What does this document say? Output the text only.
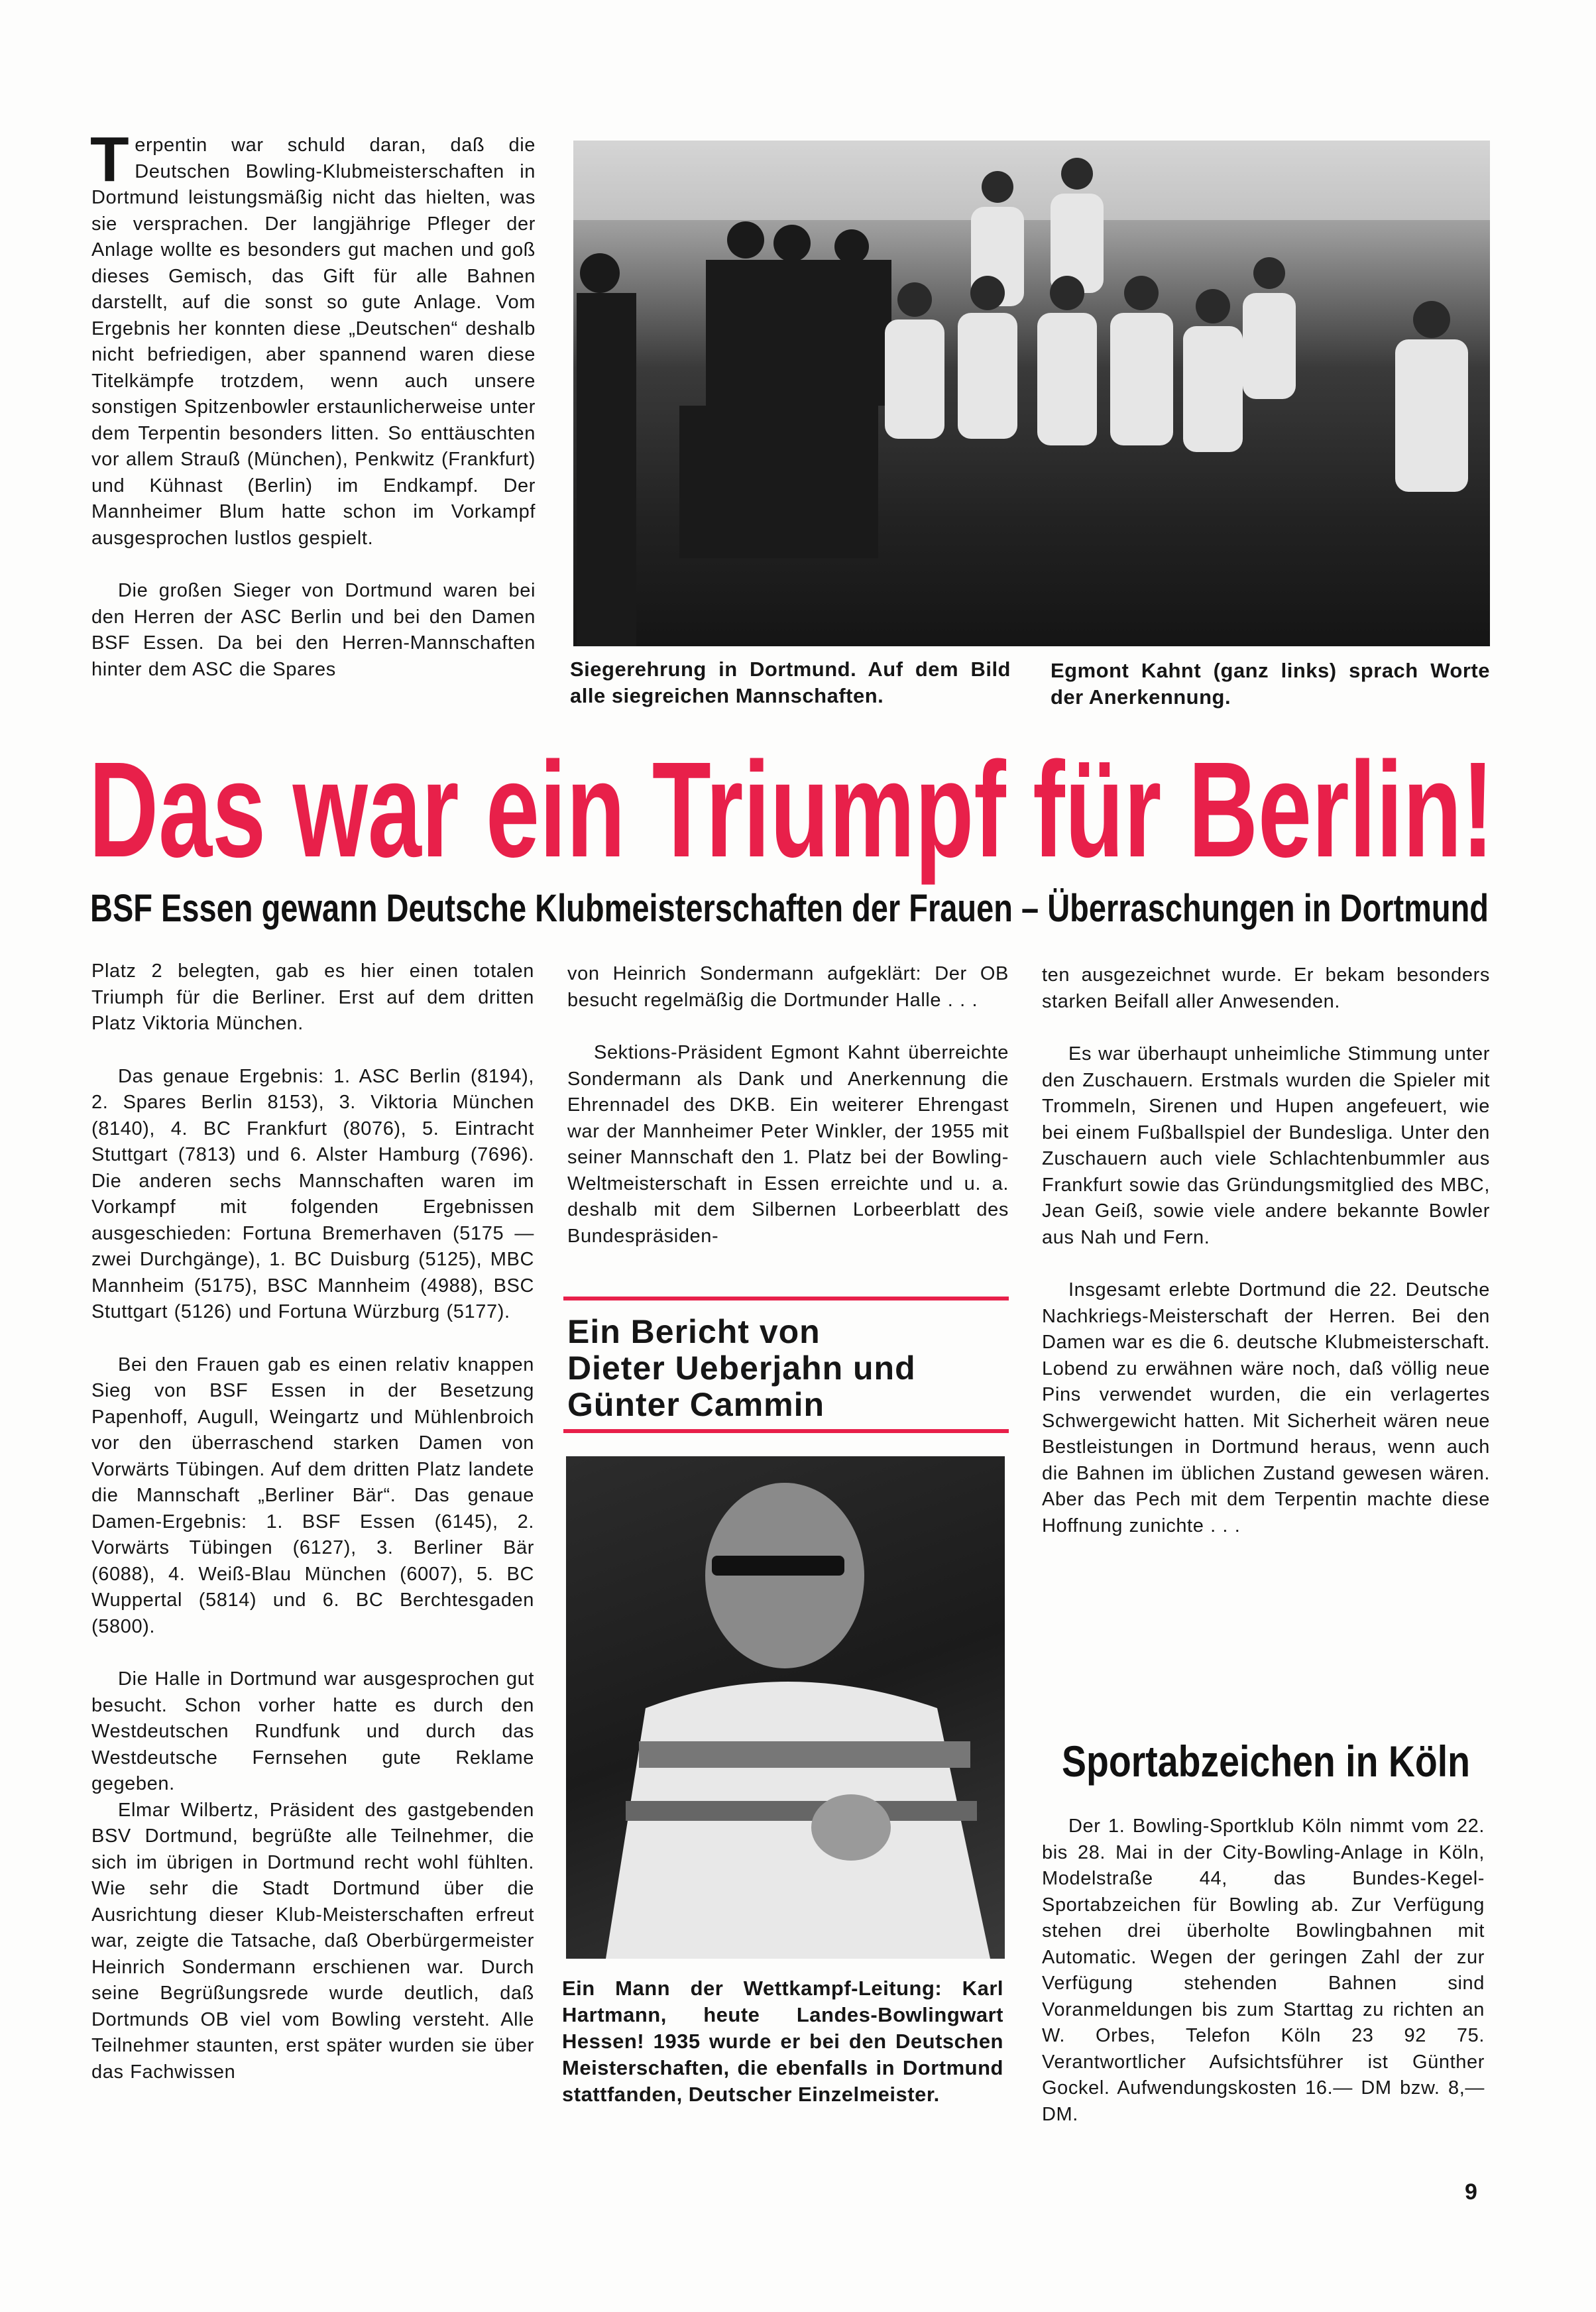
Terpentin war schuld daran, daß die Deutschen Bowling-Klubmeisterschaften in Dortmund leistungsmäßig nicht das hielten, was sie versprachen. Der langjährige Pfleger der Anlage wollte es besonders gut machen und goß dieses Gemisch, das Gift für alle Bahnen darstellt, auf die sonst so gute Anlage. Vom Ergebnis her konnten diese „Deutschen“ deshalb nicht befriedigen, aber spannend waren diese Titelkämpfe trotzdem, wenn auch unsere sonstigen Spitzenbowler erstaunlicherweise unter dem Terpentin besonders litten. So enttäuschten vor allem Strauß (München), Penkwitz (Frankfurt) und Kühnast (Berlin) im Endkampf. Der Mannheimer Blum hatte schon im Vorkampf ausgesprochen lustlos gespielt.

Die großen Sieger von Dortmund waren bei den Herren der ASC Berlin und bei den Damen BSF Essen. Da bei den Herren-Mannschaften hinter dem ASC die Spares	Siegerehrung in Dortmund. Auf dem Bild alle siegreichen Mannschaften.
Egmont Kahnt (ganz links) sprach Worte der Anerkennung.
Das war ein Triumpf für Berlin!
BSF Essen gewann Deutsche Klubmeisterschaften der Frauen – Überraschungen in Dortmund

Platz 2 belegten, gab es hier einen totalen Triumph für die Berliner. Erst auf dem dritten Platz Viktoria München.

Das genaue Ergebnis: 1. ASC Berlin (8194), 2. Spares Berlin 8153), 3. Viktoria München (8140), 4. BC Frankfurt (8076), 5. Eintracht Stuttgart (7813) und 6. Alster Hamburg (7696). Die anderen sechs Mannschaften waren im Vorkampf mit folgenden Ergebnissen ausgeschieden: Fortuna Bremerhaven (5175 — zwei Durchgänge), 1. BC Duisburg (5125), MBC Mannheim (5175), BSC Mannheim (4988), BSC Stuttgart (5126) und Fortuna Würzburg (5177).

Bei den Frauen gab es einen relativ knappen Sieg von BSF Essen in der Besetzung Papenhoff, Augull, Weingartz und Mühlenbroich vor den überraschend starken Damen von Vorwärts Tübingen. Auf dem dritten Platz landete die Mannschaft „Berliner Bär“. Das genaue Damen-Ergebnis: 1. BSF Essen (6145), 2. Vorwärts Tübingen (6127), 3. Berliner Bär (6088), 4. Weiß-Blau München (6007), 5. BC Wuppertal (5814) und 6. BC Berchtesgaden (5800).

Die Halle in Dortmund war ausgesprochen gut besucht. Schon vorher hatte es durch den Westdeutschen Rundfunk und durch das Westdeutsche Fernsehen gute Reklame gegeben.

Elmar Wilbertz, Präsident des gastgebenden BSV Dortmund, begrüßte alle Teilnehmer, die sich im übrigen in Dortmund recht wohl fühlten. Wie sehr die Stadt Dortmund über die Ausrichtung dieser Klub-Meisterschaften erfreut war, zeigte die Tatsache, daß Oberbürgermeister Heinrich Sondermann erschienen war. Durch seine Begrüßungsrede wurde deutlich, daß Dortmunds OB viel vom Bowling versteht. Alle Teilnehmer staunten, erst später wurden sie über das Fachwissen

von Heinrich Sondermann aufgeklärt: Der OB besucht regelmäßig die Dortmunder Halle . . .

Sektions-Präsident Egmont Kahnt überreichte Sondermann als Dank und Anerkennung die Ehrennadel des DKB. Ein weiterer Ehrengast war der Mannheimer Peter Winkler, der 1955 mit seiner Mannschaft den 1. Platz bei der Bowling-Weltmeisterschaft in Essen erreichte und u. a. deshalb mit dem Silbernen Lorbeerblatt des Bundespräsiden-

Ein Bericht von
Dieter Ueberjahn und
Günter Cammin
Ein Mann der Wettkampf-Leitung: Karl Hartmann, heute Landes-Bowlingwart Hessen! 1935 wurde er bei den Deutschen Meisterschaften, die ebenfalls in Dortmund stattfanden, Deutscher Einzelmeister.

ten ausgezeichnet wurde. Er bekam besonders starken Beifall aller Anwesenden.

Es war überhaupt unheimliche Stimmung unter den Zuschauern. Erstmals wurden die Spieler mit Trommeln, Sirenen und Hupen angefeuert, wie bei einem Fußballspiel der Bundesliga. Unter den Zuschauern auch viele Schlachtenbummler aus Frankfurt sowie das Gründungsmitglied des MBC, Jean Geiß, sowie viele andere bekannte Bowler aus Nah und Fern.

Insgesamt erlebte Dortmund die 22. Deutsche Nachkriegs-Meisterschaft der Herren. Bei den Damen war es die 6. deutsche Klubmeisterschaft. Lobend zu erwähnen wäre noch, daß völlig neue Pins verwendet wurden, die ein verlagertes Schwergewicht hatten. Mit Sicherheit wären neue Bestleistungen in Dortmund heraus, wenn auch die Bahnen im üblichen Zustand gewesen wären. Aber das Pech mit dem Terpentin machte diese Hoffnung zunichte . . .

Sportabzeichen in Köln

Der 1. Bowling-Sportklub Köln nimmt vom 22. bis 28. Mai in der City-Bowling-Anlage in Köln, Modelstraße 44, das Bundes-Kegel-Sportabzeichen für Bowling ab. Zur Verfügung stehen drei überholte Bowlingbahnen mit Automatic. Wegen der geringen Zahl der zur Verfügung stehenden Bahnen sind Voranmeldungen bis zum Starttag zu richten an W. Orbes, Telefon Köln 23 92 75. Verantwortlicher Aufsichtsführer ist Günther Gockel. Aufwendungskosten 16.— DM bzw. 8,— DM.

9
